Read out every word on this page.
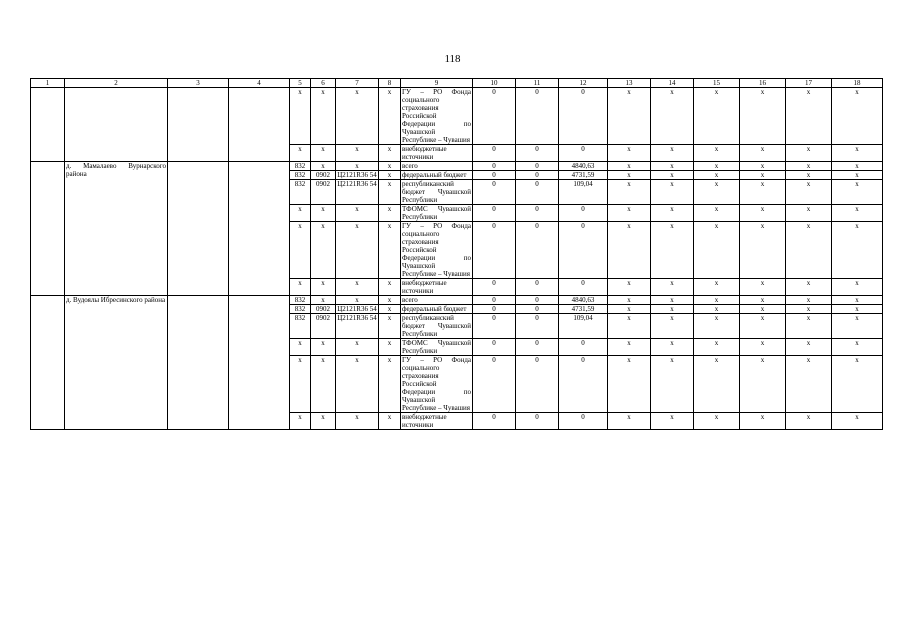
118
1	2	3	4	5	6	7	8	9	10	11	12	13	14	15	16	17	18
				x	x	x	x	ГУ – РО Фонда социального страхования Российской Федерации по Чувашской Республике – Чувашия	0	0	0	x	x	x	x	x	x
				x	x	x	x	внебюджетные источники	0	0	0	x	x	x	x	x	x
	д. Мамалаево Вурнарского района			832	x	x	x	всего	0	0	4840,63	x	x	x	x	x	x
				832	0902	Ц2121R36 54	x	федеральный бюджет	0	0	4731,59	x	x	x	x	x	x
				832	0902	Ц2121R36 54	x	республиканский бюджет Чувашской Республики	0	0	109,04	x	x	x	x	x	x
				x	x	x	x	ТФОМС Чувашской Республики	0	0	0	x	x	x	x	x	x
				x	x	x	x	ГУ – РО Фонда социального страхования Российской Федерации по Чувашской Республике – Чувашия	0	0	0	x	x	x	x	x	x
				x	x	x	x	внебюджетные источники	0	0	0	x	x	x	x	x	x
	д. Вудоялы Ибресинского района			832	x	x	x	всего	0	0	4840,63	x	x	x	x	x	x
				832	0902	Ц2121R36 54	x	федеральный бюджет	0	0	4731,59	x	x	x	x	x	x
				832	0902	Ц2121R36 54	x	республиканский бюджет Чувашской Республики	0	0	109,04	x	x	x	x	x	x
				x	x	x	x	ТФОМС Чувашской Республики	0	0	0	x	x	x	x	x	x
				x	x	x	x	ГУ – РО Фонда социального страхования Российской Федерации по Чувашской Республике – Чувашия	0	0	0	x	x	x	x	x	x
				x	x	x	x	внебюджетные источники	0	0	0	x	x	x	x	x	x
